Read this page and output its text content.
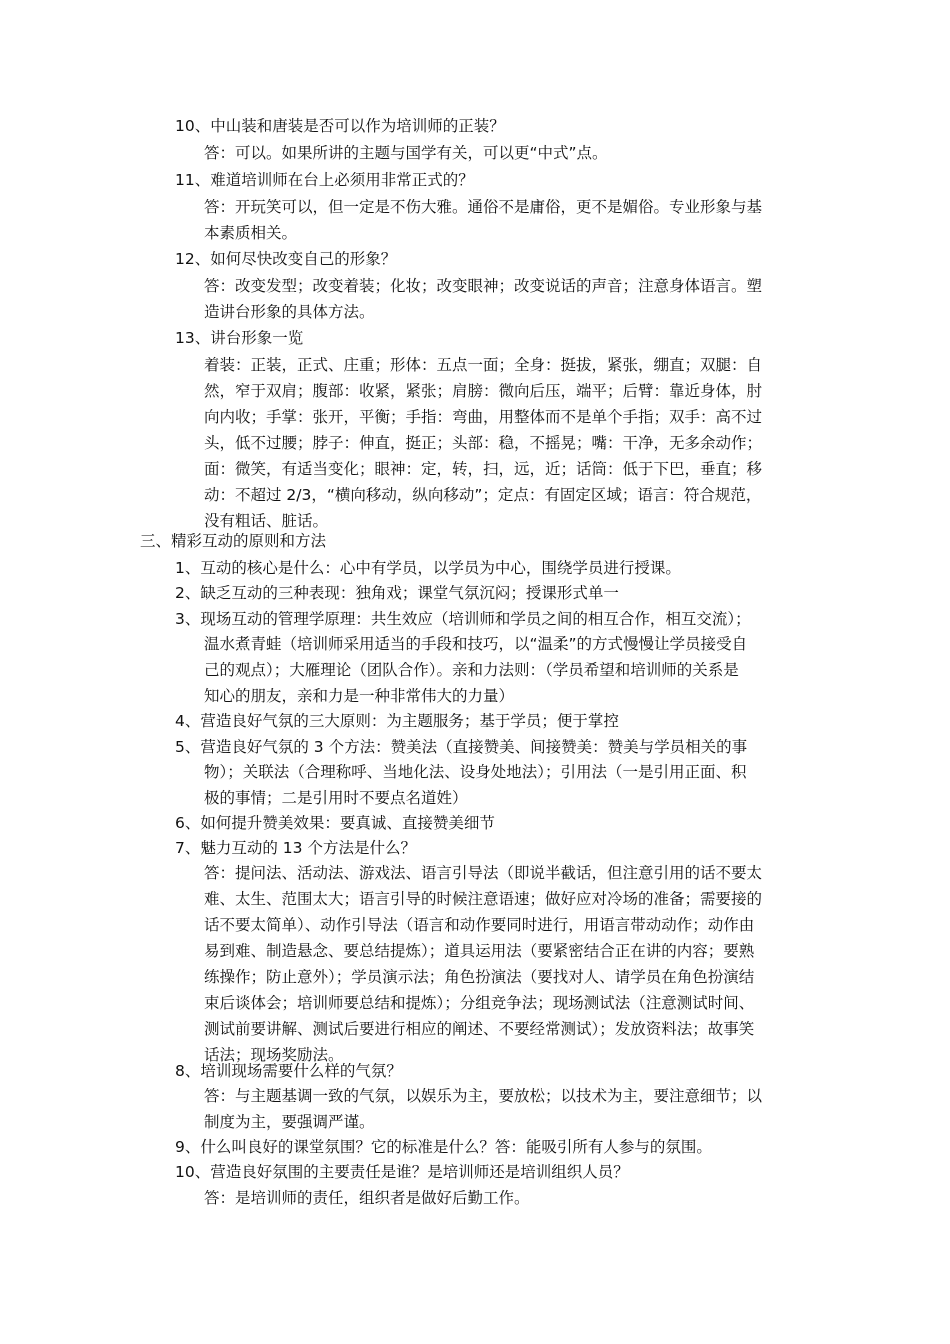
10、中山装和唐装是否可以作为培训师的正装？
答：可以。如果所讲的主题与国学有关，可以更“中式”点。
11、难道培训师在台上必须用非常正式的？
答：开玩笑可以，但一定是不伤大雅。通俗不是庸俗，更不是媚俗。专业形象与基
本素质相关。
12、如何尽快改变自己的形象？
答：改变发型；改变着装；化妆；改变眼神；改变说话的声音；注意身体语言。塑
造讲台形象的具体方法。
13、讲台形象一览
着装：正装，正式、庄重；形体：五点一面；全身：挺拔，紧张，绷直；双腿：自
然，窄于双肩；腹部：收紧，紧张；肩膀：微向后压，端平；后臂：靠近身体，肘
向内收；手掌：张开，平衡；手指：弯曲，用整体而不是单个手指；双手：高不过
头，低不过腰；脖子：伸直，挺正；头部：稳，不摇晃；嘴：干净，无多余动作；
面：微笑，有适当变化；眼神：定，转，扫，远，近；话筒：低于下巴，垂直；移
动：不超过 2/3，“横向移动，纵向移动”；定点：有固定区域；语言：符合规范，
没有粗话、脏话。
三、精彩互动的原则和方法
1、互动的核心是什么：心中有学员，以学员为中心，围绕学员进行授课。
2、缺乏互动的三种表现：独角戏；课堂气氛沉闷；授课形式单一
3、现场互动的管理学原理：共生效应（培训师和学员之间的相互合作，相互交流）；
温水煮青蛙（培训师采用适当的手段和技巧，以“温柔”的方式慢慢让学员接受自
己的观点）；大雁理论（团队合作）。亲和力法则：（学员希望和培训师的关系是
知心的朋友，亲和力是一种非常伟大的力量）
4、营造良好气氛的三大原则：为主题服务；基于学员；便于掌控
5、营造良好气氛的 3 个方法：赞美法（直接赞美、间接赞美：赞美与学员相关的事
物）；关联法（合理称呼、当地化法、设身处地法）；引用法（一是引用正面、积
极的事情；二是引用时不要点名道姓）
6、如何提升赞美效果：要真诚、直接赞美细节
7、魅力互动的 13 个方法是什么？
答：提问法、活动法、游戏法、语言引导法（即说半截话，但注意引用的话不要太
难、太生、范围太大；语言引导的时候注意语速；做好应对冷场的准备；需要接的
话不要太简单）、动作引导法（语言和动作要同时进行，用语言带动动作；动作由
易到难、制造悬念、要总结提炼）；道具运用法（要紧密结合正在讲的内容；要熟
练操作；防止意外）；学员演示法；角色扮演法（要找对人、请学员在角色扮演结
束后谈体会；培训师要总结和提炼）；分组竞争法；现场测试法（注意测试时间、
测试前要讲解、测试后要进行相应的阐述、不要经常测试）；发放资料法；故事笑
话法；现场奖励法。
8、培训现场需要什么样的气氛？
答：与主题基调一致的气氛，以娱乐为主，要放松；以技术为主，要注意细节；以
制度为主，要强调严谨。
9、什么叫良好的课堂氛围？它的标准是什么？答：能吸引所有人参与的氛围。
10、营造良好氛围的主要责任是谁？是培训师还是培训组织人员？
答：是培训师的责任，组织者是做好后勤工作。
